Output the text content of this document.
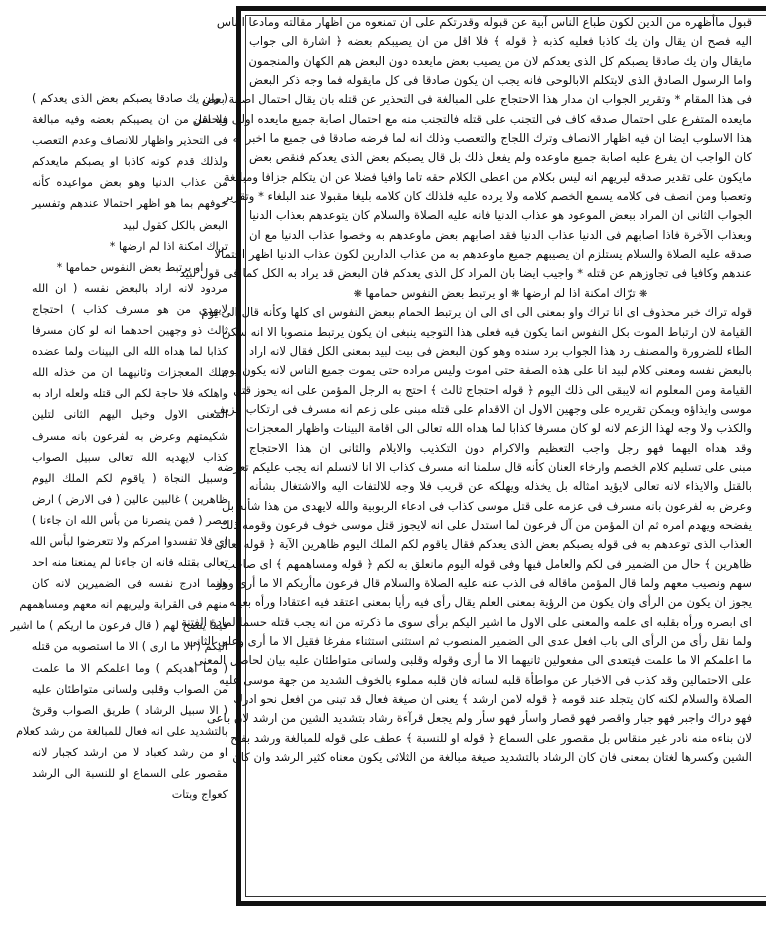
( وان يك صادقا يصبكم بعض الذى يعدكم )
فلا اقل من ان يصيبكم بعضه وفيه مبالغة
فى التحذير واظهار للانصاف وعدم التعصب
ولذلك قدم كونه كاذبا او يصبكم مايعدكم
من عذاب الدنيا وهو بعض مواعيده كأنه
خوفهم بما هو اظهر احتمالا عندهم وتفسير
البعض بالكل كقول لبيد
تراك امكنة اذا لم ارضها *
او يرتبط بعض النفوس حمامها *
مردود لانه اراد بالبعض نفسه ( ان الله
لايهدى من هو مسرف كذاب ) احتجاج
ثالث ذو وجهين احدهما انه لو كان مسرفا
كذابا لما هداه الله الى البينات ولما عضده
بتلك المعجزات وثانيهما ان من خذله الله
واهلكه فلا حاجة لكم الى قتله ولعله اراد به
المعنى الاول وخيل اليهم الثانى لتلين
شكيمتهم وعرض به لفرعون بانه مسرف
كذاب لايهديه الله تعالى سبيل الصواب
وسبيل النجاة ( ياقوم لكم الملك اليوم
ظاهرين ) غالبين عالين ( فى الارض ) ارض
مصر ( فمن ينصرنا من بأس الله ان جاءنا )
اى فلا تفسدوا امركم ولا تتعرضوا لبأس الله
تعالى بقتله فانه ان جاءنا لم يمنعنا منه احد
وانما ادرج نفسه فى الضميرين لانه كان
منهم فى القرابة وليريهم انه معهم ومساهمهم
فيما ينصح لهم ( قال فرعون ما اريكم ) ما اشير
اليكم ( الا ما ارى ) الا ما استصوبه من قتله
( وما اهديكم ) وما اعلمكم الا ما علمت
من الصواب وقلبى ولسانى متواطئان عليه
( الا سبيل الرشاد ) طريق الصواب وقرئ
بالتشديد على انه فعال للمبالغة من رشد كعلام
او من رشد كعباد لا من ارشد كجبار لانه
مقصور على السماع او للنسبة الى الرشد
كعواج وبتات
قبول ماأظهره من الدين لكون طباع الناس آبية عن قبوله وقدرتكم على ان تمنعوه من اظهار مقالته ومادعا الناس
اليه فصح ان يقال وان يك كاذبا فعليه كذبه ﴿ قوله ﴾ فلا اقل من ان يصيبكم بعضه ﴿ اشارة الى جواب
مايقال وان يك صادقا يصبكم كل الذى يعدكم لان من يصيب بعض مايعده دون البعض هم الكهان والمنجمون
واما الرسول الصادق الذى لايتكلم الابالوحى فانه يجب ان يكون صادقا فى كل مايقوله فما وجه ذكر البعض
فى هذا المقام * وتقرير الجواب ان مدار هذا الاحتجاج على المبالغة فى التحذير عن قتله بان يقال احتمال اصابة بعض
مايعده المتفرع على احتمال صدقه كاف فى التجنب على قتله فالتجنب منه مع احتمال اصابة جميع مايعده اولى ويحسن
هذا الاسلوب ايضا ان فيه اظهار الانصاف وترك اللجاج والتعصب وذلك انه لما فرضه صادقا فى جميع ما اخبر به
كان الواجب ان يفرع عليه اصابة جميع ماوعده ولم يفعل ذلك بل قال يصبكم بعض الذى يعدكم فنقص بعض
مايكون على تقدير صدقه ليريهم انه ليس بكلام من اعطى الكلام حقه تاما وافيا فضلا عن ان يتكلم جزافا ومبالغة
وتعصبا ومن انصف فى كلامه يسمع الخصم كلامه ولا يرده عليه فلذلك كان كلامه بليغا مقبولا عند البلغاء * وتقرير
الجواب الثانى ان المراد ببعض الموعود هو عذاب الدنيا فانه عليه الصلاة والسلام كان يتوعدهم بعذاب الدنيا
وبعذاب الآخرة فاذا اصابهم فى الدنيا عذاب الدنيا فقد اصابهم بعض ماوعدهم به وخصوا عذاب الدنيا مع ان
صدقه عليه الصلاة والسلام يستلزم ان يصيبهم جميع ماوعدهم به من عذاب الدارين لكون عذاب الدنيا اظهر احتمالا
عندهم وكافيا فى تجاوزهم عن قتله * واجيب ايضا بان المراد كل الذى يعدكم فان البعض قد يراد به الكل كما فى قول لبيد
❋ ترّاك امكنة اذا لم ارضها ❋ او يرتبط بعض النفوس حمامها ❋
قوله تراك خبر محذوف اى انا تراك واو بمعنى الى اى الى ان يرتبط الحمام ببعض النفوس اى كلها وكأنه قال الى يوم
القيامة لان ارتباط الموت بكل النفوس انما يكون فيه فعلى هذا التوجيه ينبغى ان يكون يرتبط منصوبا الا انه سكن
الطاء للضرورة والمصنف رد هذا الجواب برد سنده وهو كون البعض فى بيت لبيد بمعنى الكل فقال لانه اراد
بالبعض نفسه ومعنى كلام لبيد انا على هذه الصفة حتى اموت وليس مراده حتى يموت جميع الناس لانه يكون يوم
القيامة ومن المعلوم انه لايبقى الى ذلك اليوم ﴿ قوله احتجاج ثالث ﴾ احتج به الرجل المؤمن على انه يحوز قتل
موسى وايذاؤه ويمكن تقريره على وجهين الاول ان الاقدام على قتله مبنى على زعم انه مسرف فى ارتكاب الزيف
والكذب ولا وجه لهذا الزعم لانه لو كان مسرفا كذابا لما هداه الله تعالى الى اقامة البينات واظهار المعجزات
وقد هداه اليهما فهو رجل واجب التعظيم والاكرام دون التكذيب والايلام والثانى ان هذا الاحتجاج
مبنى على تسليم كلام الخصم وارخاء العنان كأنه قال سلمنا انه مسرف كذاب الا انا لانسلم انه يجب عليكم تعرضه
بالقتل والايذاء لانه تعالى لايؤيد امثاله بل يخذله ويهلكه عن قريب فلا وجه للالتفات اليه والاشتغال بشأنه
وعرض به لفرعون بانه مسرف فى عزمه على قتل موسى كذاب فى ادعاء الربوبية والله لايهدى من هذا شأنه بل
يفضحه ويهدم امره ثم ان المؤمن من آل فرعون لما استدل على انه لايجوز قتل موسى خوف فرعون وقومه ذلك
العذاب الذى توعدهم به فى قوله يصبكم بعض الذى يعدكم فقال ياقوم لكم الملك اليوم ظاهرين الآية ﴿ قوله تعالى
ظاهرين ﴾ حال من الضمير فى لكم والعامل فيها وفى قوله اليوم مانعلق به لكم ﴿ قوله ومساهمهم ﴾ اى صاحب
سهم ونصيب معهم ولما قال المؤمن ماقاله فى الذب عنه عليه الصلاة والسلام قال فرعون ماأريكم الا ما أرى وهو
يجوز ان يكون من الرأى وان يكون من الرؤية بمعنى العلم يقال رأى فيه رأيا بمعنى اعتقد فيه اعتقادا ورأه بعينه
اى ابصره ورأه بقلبه اى علمه والمعنى على الاول ما اشير اليكم برأى سوى ما ذكرته من انه يجب قتله حسما لمادة الفتنة
ولما نقل رأى من الرأى الى باب افعل عدى الى الضمير المنصوب ثم استثنى استثناء مفرغا فقيل الا ما أرى وعلى الثانى
ما اعلمكم الا ما علمت فيتعدى الى مفعولين ثانيهما الا ما أرى وقوله وقلبى ولسانى متواطئان عليه بيان لحاصل المعنى
على الاحتمالين وقد كذب فى الاخبار عن مواطأة قلبه لسانه فان قلبه مملوء بالخوف الشديد من جهة موسى عليه
الصلاة والسلام لكنه كان يتجلد عند قومه ﴿ قوله لامن ارشد ﴾ يعنى ان صيغة فعال قد تبنى من افعل نحو ادرك
فهو دراك واجبر فهو جبار واقصر فهو قصار واسأر فهو سأر ولم يجعل قرآءة رشاد بتشديد الشين من ارشد لان باعى
لان بناءه منه نادر غير منقاس بل مقصور على السماع ﴿ قوله او للنسبة ﴾ عطف على قوله للمبالغة ورشد بفتح
الشين وكسرها لغتان بمعنى فان كان الرشاد بالتشديد صيغة مبالغة من الثلاثى يكون معناه كثير الرشد وان كان
